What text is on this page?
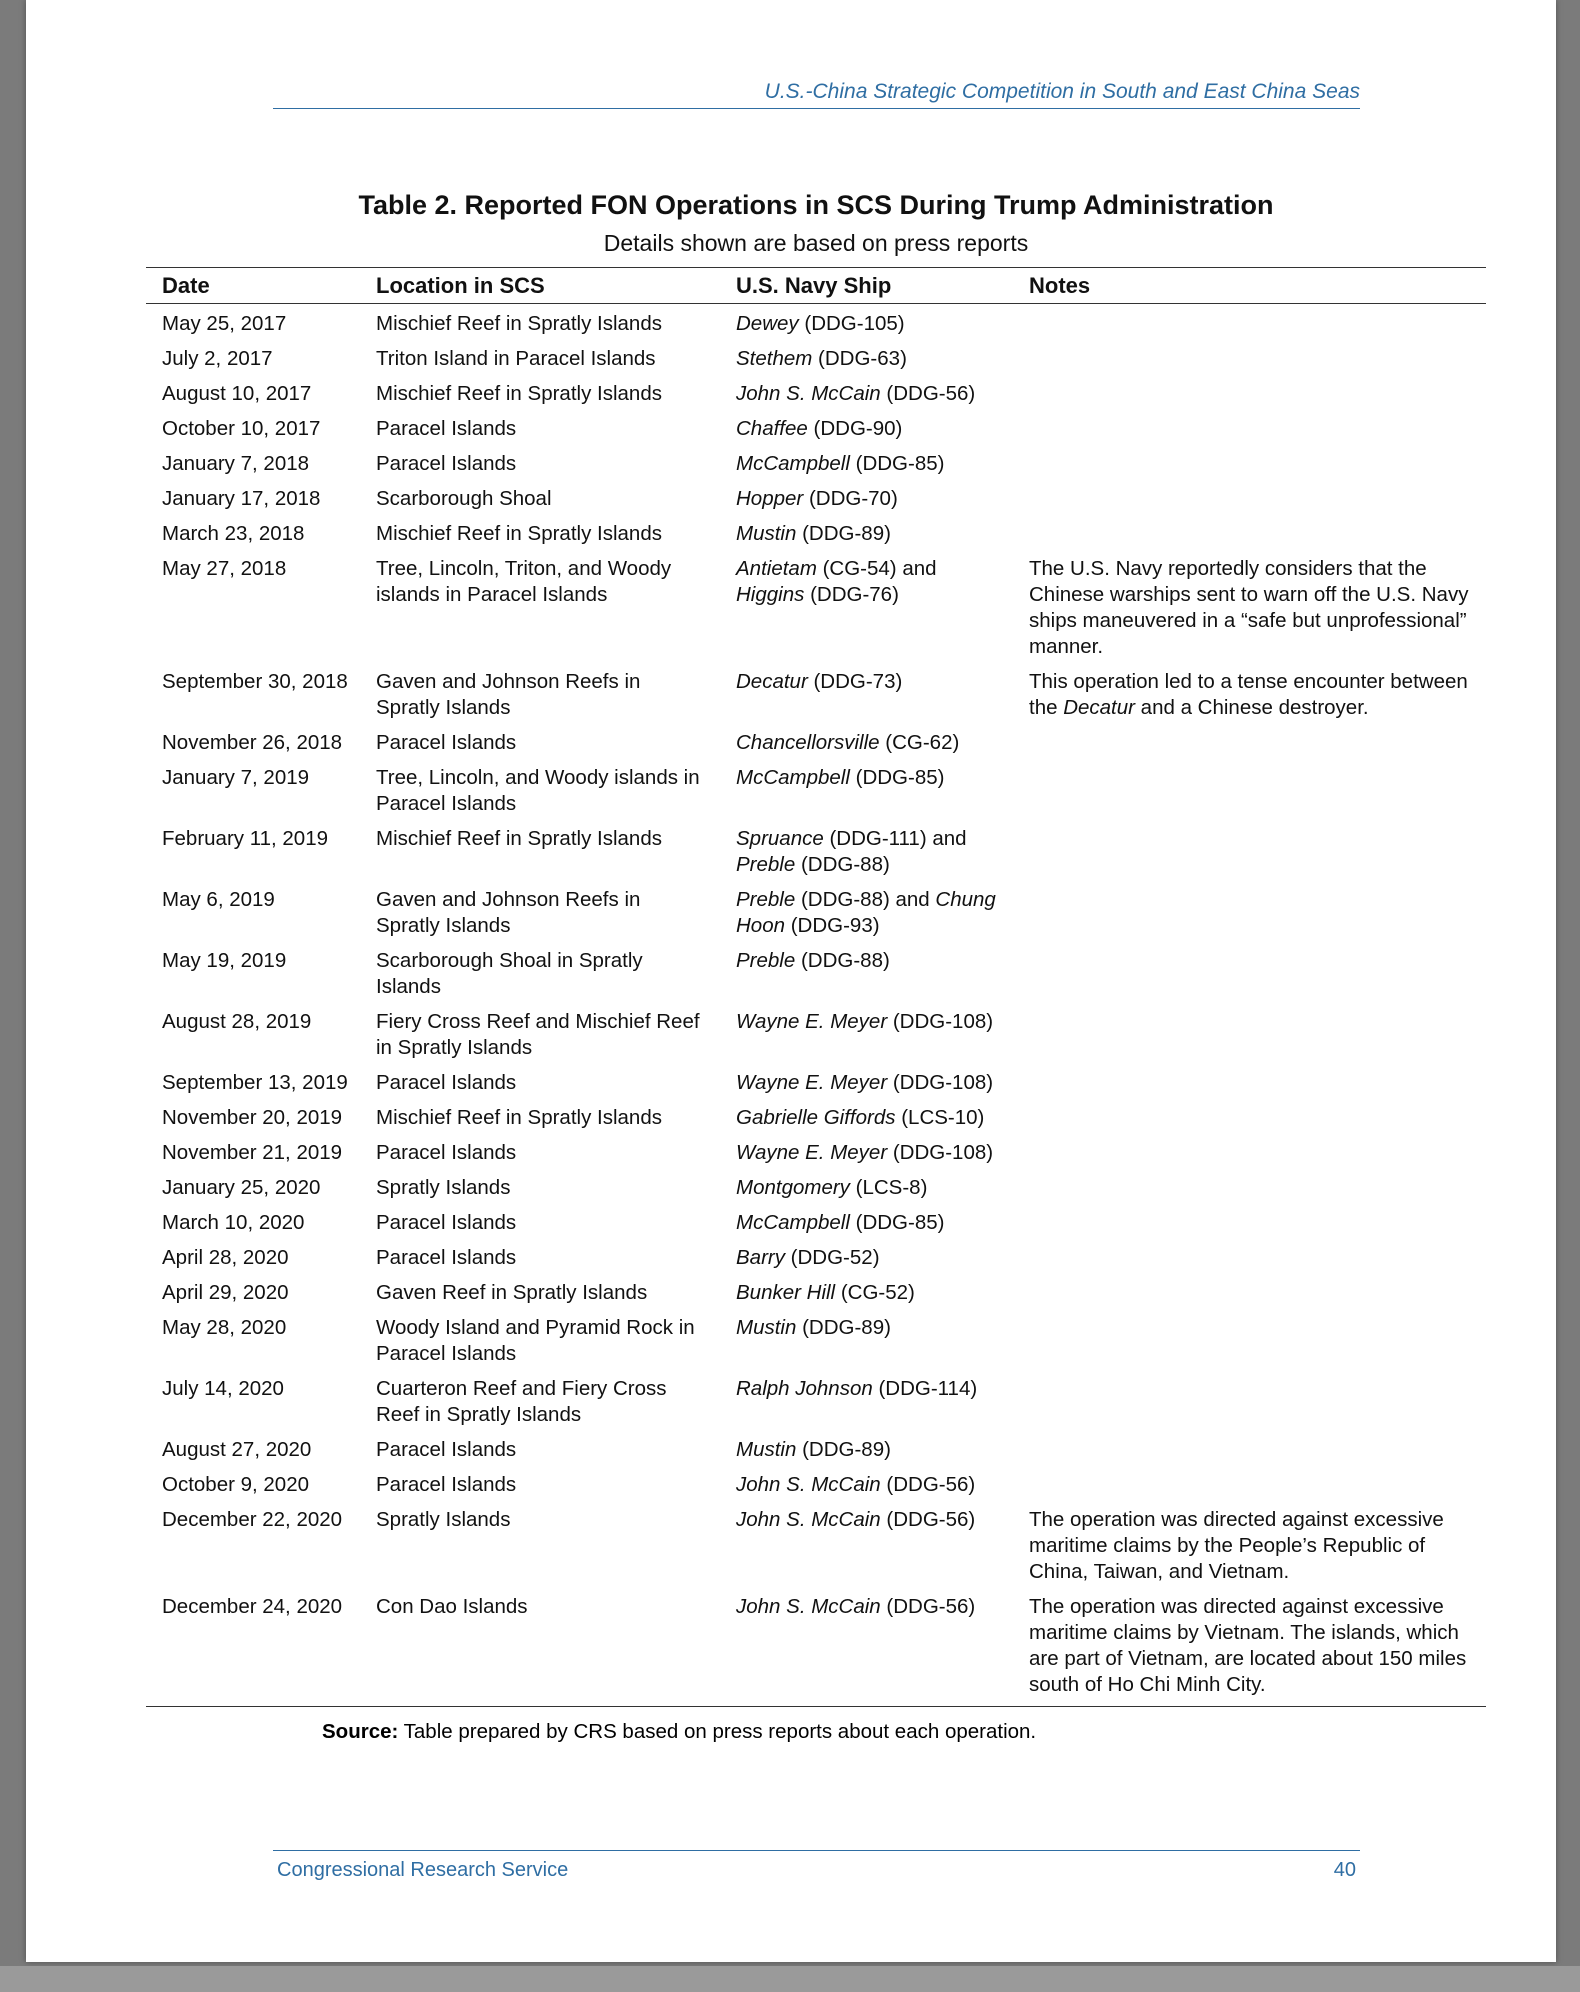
U.S.-China Strategic Competition in South and East China Seas
Table 2. Reported FON Operations in SCS During Trump Administration
Details shown are based on press reports
Date	Location in SCS	U.S. Navy Ship	Notes
May 25, 2017	Mischief Reef in Spratly Islands	Dewey (DDG-105)	
July 2, 2017	Triton Island in Paracel Islands	Stethem (DDG-63)	
August 10, 2017	Mischief Reef in Spratly Islands	John S. McCain (DDG-56)	
October 10, 2017	Paracel Islands	Chaffee (DDG-90)	
January 7, 2018	Paracel Islands	McCampbell (DDG-85)	
January 17, 2018	Scarborough Shoal	Hopper (DDG-70)	
March 23, 2018	Mischief Reef in Spratly Islands	Mustin (DDG-89)	
May 27, 2018	Tree, Lincoln, Triton, and Woody islands in Paracel Islands	Antietam (CG-54) and Higgins (DDG-76)	The U.S. Navy reportedly considers that the Chinese warships sent to warn off the U.S. Navy ships maneuvered in a “safe but unprofessional” manner.
September 30, 2018	Gaven and Johnson Reefs in Spratly Islands	Decatur (DDG-73)	This operation led to a tense encounter between the Decatur and a Chinese destroyer.
November 26, 2018	Paracel Islands	Chancellorsville (CG-62)	
January 7, 2019	Tree, Lincoln, and Woody islands in Paracel Islands	McCampbell (DDG-85)	
February 11, 2019	Mischief Reef in Spratly Islands	Spruance (DDG-111) and Preble (DDG-88)	
May 6, 2019	Gaven and Johnson Reefs in Spratly Islands	Preble (DDG-88) and Chung Hoon (DDG-93)	
May 19, 2019	Scarborough Shoal in Spratly Islands	Preble (DDG-88)	
August 28, 2019	Fiery Cross Reef and Mischief Reef in Spratly Islands	Wayne E. Meyer (DDG-108)	
September 13, 2019	Paracel Islands	Wayne E. Meyer (DDG-108)	
November 20, 2019	Mischief Reef in Spratly Islands	Gabrielle Giffords (LCS-10)	
November 21, 2019	Paracel Islands	Wayne E. Meyer (DDG-108)	
January 25, 2020	Spratly Islands	Montgomery (LCS-8)	
March 10, 2020	Paracel Islands	McCampbell (DDG-85)	
April 28, 2020	Paracel Islands	Barry (DDG-52)	
April 29, 2020	Gaven Reef in Spratly Islands	Bunker Hill (CG-52)	
May 28, 2020	Woody Island and Pyramid Rock in Paracel Islands	Mustin (DDG-89)	
July 14, 2020	Cuarteron Reef and Fiery Cross Reef in Spratly Islands	Ralph Johnson (DDG-114)	
August 27, 2020	Paracel Islands	Mustin (DDG-89)	
October 9, 2020	Paracel Islands	John S. McCain (DDG-56)	
December 22, 2020	Spratly Islands	John S. McCain (DDG-56)	The operation was directed against excessive maritime claims by the People’s Republic of China, Taiwan, and Vietnam.
December 24, 2020	Con Dao Islands	John S. McCain (DDG-56)	The operation was directed against excessive maritime claims by Vietnam. The islands, which are part of Vietnam, are located about 150 miles south of Ho Chi Minh City.
Source: Table prepared by CRS based on press reports about each operation.
Congressional Research Service	40
